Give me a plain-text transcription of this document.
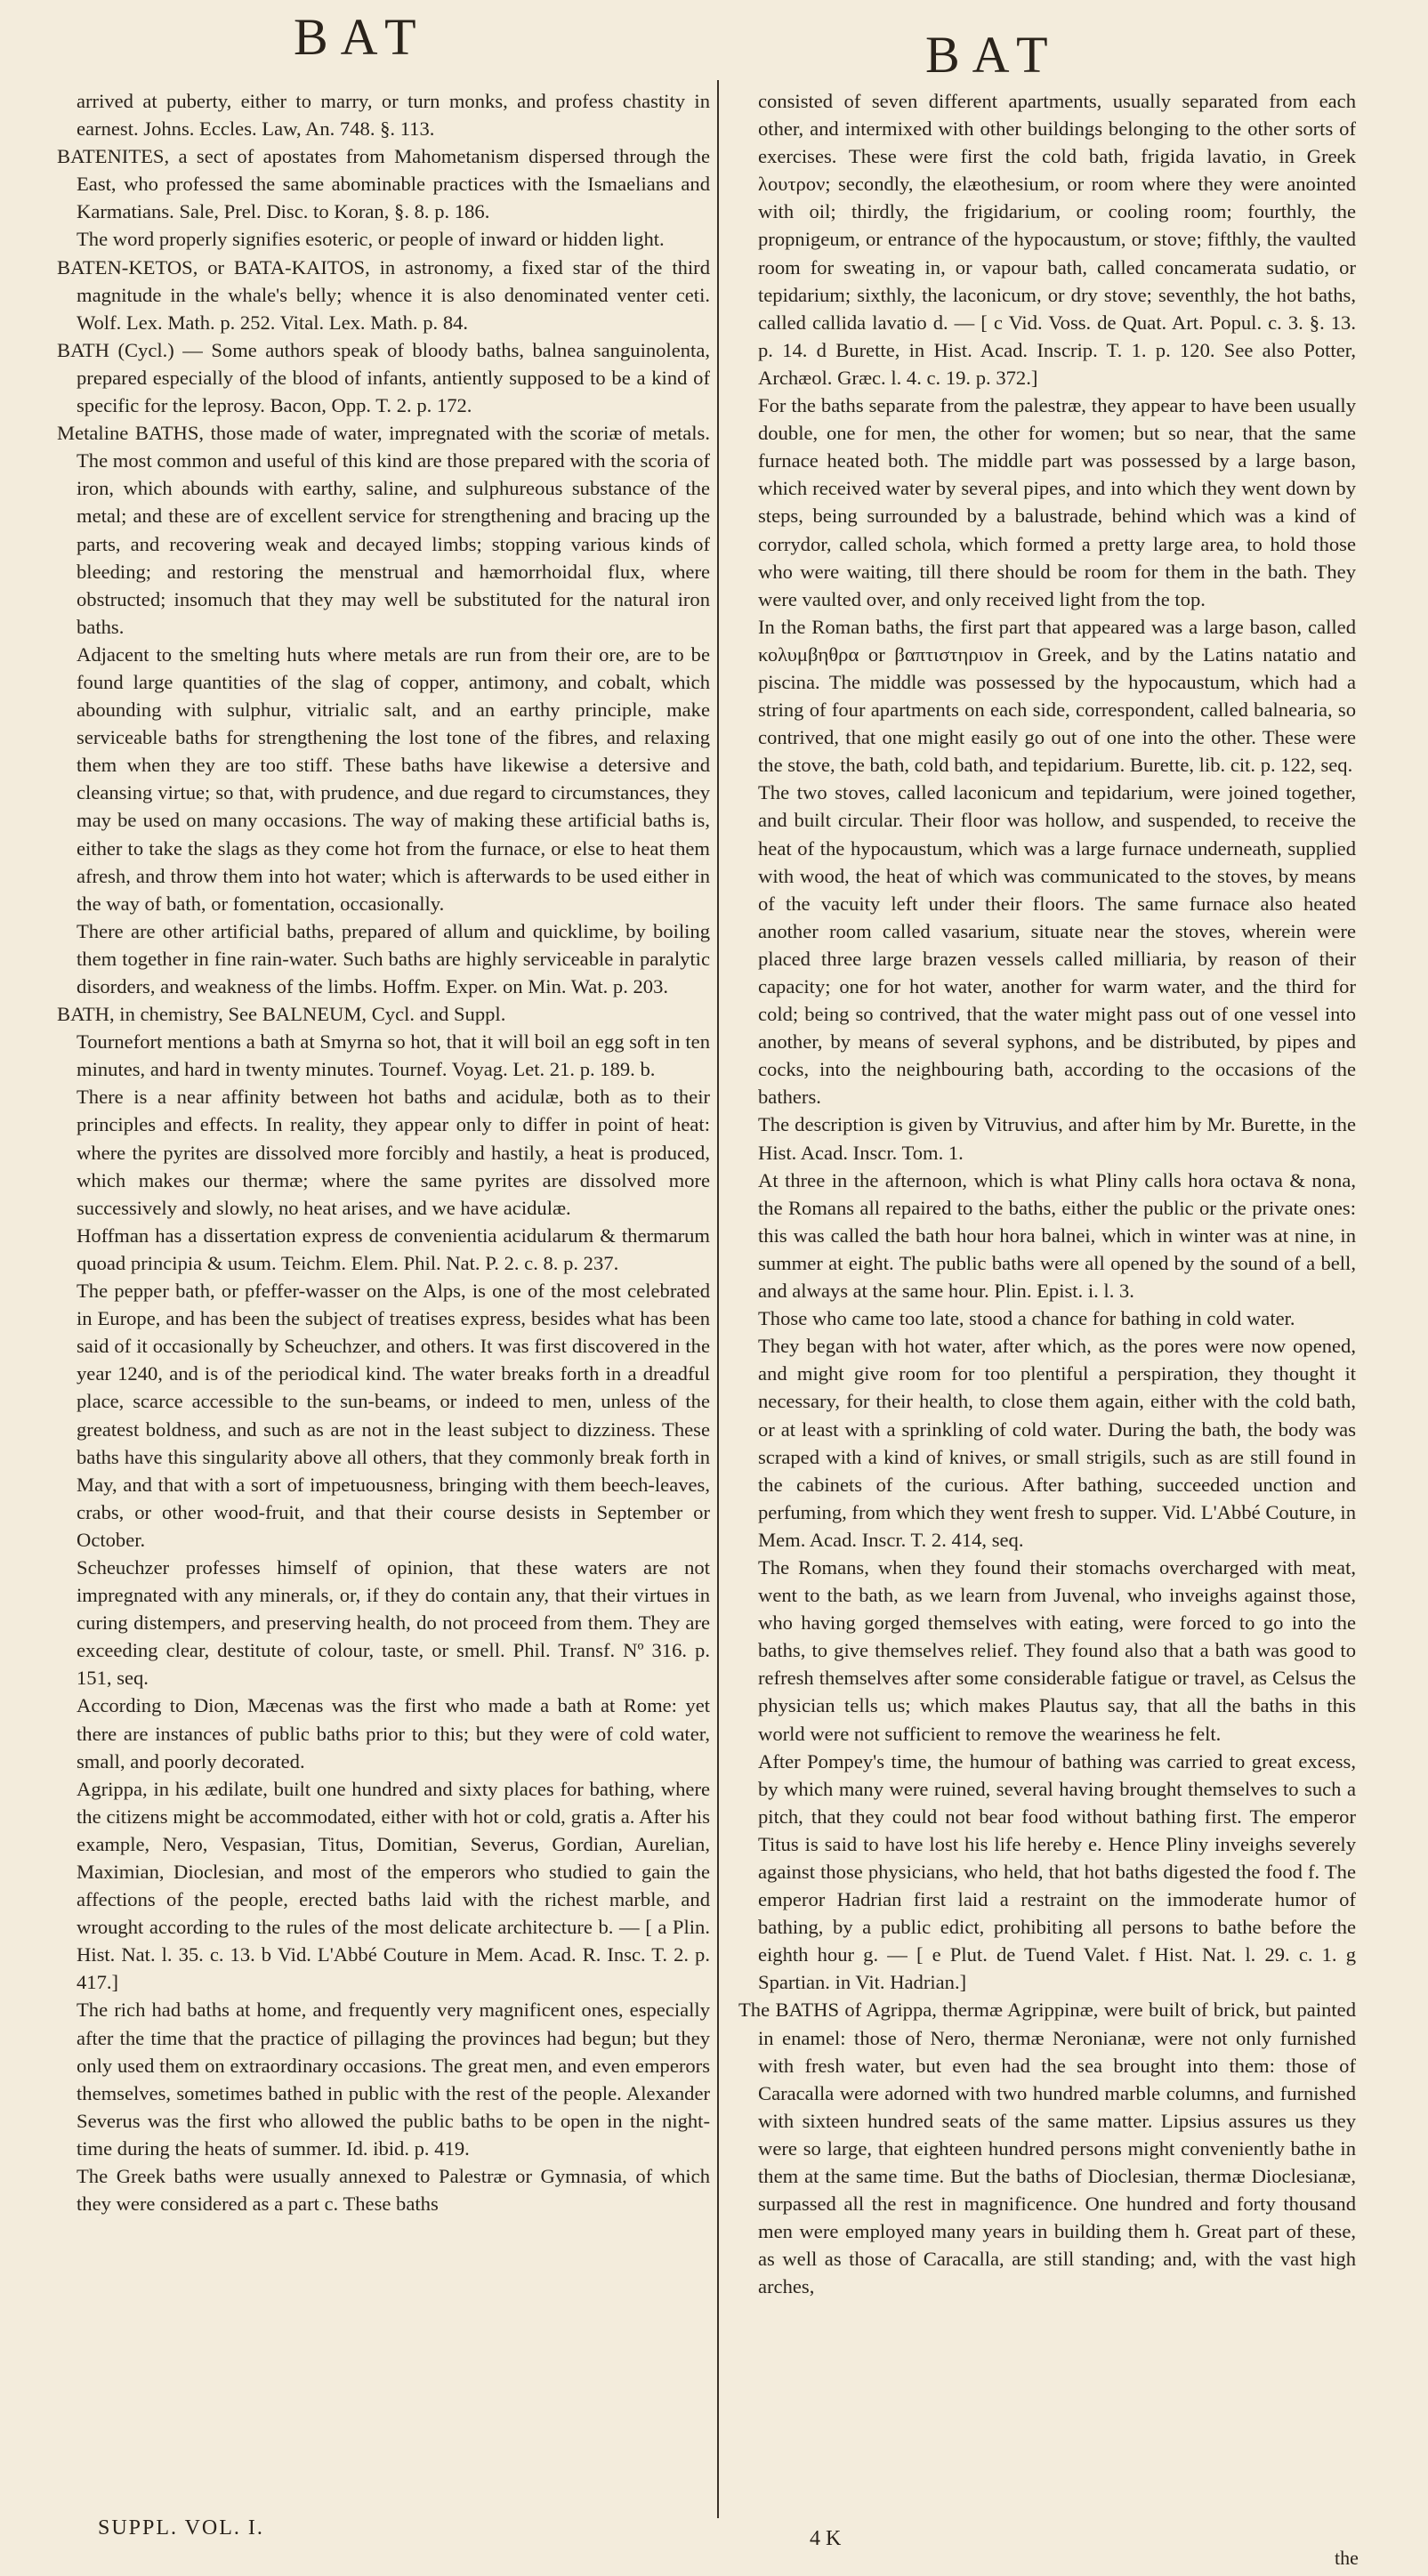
BAT	BAT

arrived at puberty, either to marry, or turn monks, and profess chastity in earnest. Johns. Eccles. Law, An. 748. §. 113.

BATENITES, a sect of apostates from Mahometanism dispersed through the East, who professed the same abominable practices with the Ismaelians and Karmatians. Sale, Prel. Disc. to Koran, §. 8. p. 186.

The word properly signifies esoteric, or people of inward or hidden light.

BATEN-KETOS, or BATA-KAITOS, in astronomy, a fixed star of the third magnitude in the whale's belly; whence it is also denominated venter ceti. Wolf. Lex. Math. p. 252. Vital. Lex. Math. p. 84.

BATH (Cycl.) — Some authors speak of bloody baths, balnea sanguinolenta, prepared especially of the blood of infants, antiently supposed to be a kind of specific for the leprosy. Bacon, Opp. T. 2. p. 172.

Metaline BATHS, those made of water, impregnated with the scoriæ of metals. The most common and useful of this kind are those prepared with the scoria of iron, which abounds with earthy, saline, and sulphureous substance of the metal; and these are of excellent service for strengthening and bracing up the parts, and recovering weak and decayed limbs; stopping various kinds of bleeding; and restoring the menstrual and hæmorrhoidal flux, where obstructed; insomuch that they may well be substituted for the natural iron baths.

Adjacent to the smelting huts where metals are run from their ore, are to be found large quantities of the slag of copper, antimony, and cobalt, which abounding with sulphur, vitrialic salt, and an earthy principle, make serviceable baths for strengthening the lost tone of the fibres, and relaxing them when they are too stiff. These baths have likewise a detersive and cleansing virtue; so that, with prudence, and due regard to circumstances, they may be used on many occasions. The way of making these artificial baths is, either to take the slags as they come hot from the furnace, or else to heat them afresh, and throw them into hot water; which is afterwards to be used either in the way of bath, or fomentation, occasionally.

There are other artificial baths, prepared of allum and quicklime, by boiling them together in fine rain-water. Such baths are highly serviceable in paralytic disorders, and weakness of the limbs. Hoffm. Exper. on Min. Wat. p. 203.

BATH, in chemistry, See BALNEUM, Cycl. and Suppl.

Tournefort mentions a bath at Smyrna so hot, that it will boil an egg soft in ten minutes, and hard in twenty minutes. Tournef. Voyag. Let. 21. p. 189. b.

There is a near affinity between hot baths and acidulæ, both as to their principles and effects. In reality, they appear only to differ in point of heat: where the pyrites are dissolved more forcibly and hastily, a heat is produced, which makes our thermæ; where the same pyrites are dissolved more successively and slowly, no heat arises, and we have acidulæ.

Hoffman has a dissertation express de convenientia acidularum & thermarum quoad principia & usum. Teichm. Elem. Phil. Nat. P. 2. c. 8. p. 237.

The pepper bath, or pfeffer-wasser on the Alps, is one of the most celebrated in Europe, and has been the subject of treatises express, besides what has been said of it occasionally by Scheuchzer, and others. It was first discovered in the year 1240, and is of the periodical kind. The water breaks forth in a dreadful place, scarce accessible to the sun-beams, or indeed to men, unless of the greatest boldness, and such as are not in the least subject to dizziness. These baths have this singularity above all others, that they commonly break forth in May, and that with a sort of impetuousness, bringing with them beech-leaves, crabs, or other wood-fruit, and that their course desists in September or October.

Scheuchzer professes himself of opinion, that these waters are not impregnated with any minerals, or, if they do contain any, that their virtues in curing distempers, and preserving health, do not proceed from them. They are exceeding clear, destitute of colour, taste, or smell. Phil. Transf. Nº 316. p. 151, seq.

According to Dion, Mæcenas was the first who made a bath at Rome: yet there are instances of public baths prior to this; but they were of cold water, small, and poorly decorated.

Agrippa, in his ædilate, built one hundred and sixty places for bathing, where the citizens might be accommodated, either with hot or cold, gratis a. After his example, Nero, Vespasian, Titus, Domitian, Severus, Gordian, Aurelian, Maximian, Dioclesian, and most of the emperors who studied to gain the affections of the people, erected baths laid with the richest marble, and wrought according to the rules of the most delicate architecture b. — [ a Plin. Hist. Nat. l. 35. c. 13. b Vid. L'Abbé Couture in Mem. Acad. R. Insc. T. 2. p. 417.]

The rich had baths at home, and frequently very magnificent ones, especially after the time that the practice of pillaging the provinces had begun; but they only used them on extraordinary occasions. The great men, and even emperors themselves, sometimes bathed in public with the rest of the people. Alexander Severus was the first who allowed the public baths to be open in the night-time during the heats of summer. Id. ibid. p. 419.

The Greek baths were usually annexed to Palestræ or Gymnasia, of which they were considered as a part c. These baths

consisted of seven different apartments, usually separated from each other, and intermixed with other buildings belonging to the other sorts of exercises. These were first the cold bath, frigida lavatio, in Greek λουτρον; secondly, the elæothesium, or room where they were anointed with oil; thirdly, the frigidarium, or cooling room; fourthly, the propnigeum, or entrance of the hypocaustum, or stove; fifthly, the vaulted room for sweating in, or vapour bath, called concamerata sudatio, or tepidarium; sixthly, the laconicum, or dry stove; seventhly, the hot baths, called callida lavatio d. — [ c Vid. Voss. de Quat. Art. Popul. c. 3. §. 13. p. 14. d Burette, in Hist. Acad. Inscrip. T. 1. p. 120. See also Potter, Archæol. Græc. l. 4. c. 19. p. 372.]

For the baths separate from the palestræ, they appear to have been usually double, one for men, the other for women; but so near, that the same furnace heated both. The middle part was possessed by a large bason, which received water by several pipes, and into which they went down by steps, being surrounded by a balustrade, behind which was a kind of corrydor, called schola, which formed a pretty large area, to hold those who were waiting, till there should be room for them in the bath. They were vaulted over, and only received light from the top.

In the Roman baths, the first part that appeared was a large bason, called κολυμβηθρα or βαπτιστηριον in Greek, and by the Latins natatio and piscina. The middle was possessed by the hypocaustum, which had a string of four apartments on each side, correspondent, called balnearia, so contrived, that one might easily go out of one into the other. These were the stove, the bath, cold bath, and tepidarium. Burette, lib. cit. p. 122, seq.

The two stoves, called laconicum and tepidarium, were joined together, and built circular. Their floor was hollow, and suspended, to receive the heat of the hypocaustum, which was a large furnace underneath, supplied with wood, the heat of which was communicated to the stoves, by means of the vacuity left under their floors. The same furnace also heated another room called vasarium, situate near the stoves, wherein were placed three large brazen vessels called milliaria, by reason of their capacity; one for hot water, another for warm water, and the third for cold; being so contrived, that the water might pass out of one vessel into another, by means of several syphons, and be distributed, by pipes and cocks, into the neighbouring bath, according to the occasions of the bathers.

The description is given by Vitruvius, and after him by Mr. Burette, in the Hist. Acad. Inscr. Tom. 1.

At three in the afternoon, which is what Pliny calls hora octava & nona, the Romans all repaired to the baths, either the public or the private ones: this was called the bath hour hora balnei, which in winter was at nine, in summer at eight. The public baths were all opened by the sound of a bell, and always at the same hour. Plin. Epist. i. l. 3.

Those who came too late, stood a chance for bathing in cold water.

They began with hot water, after which, as the pores were now opened, and might give room for too plentiful a perspiration, they thought it necessary, for their health, to close them again, either with the cold bath, or at least with a sprinkling of cold water. During the bath, the body was scraped with a kind of knives, or small strigils, such as are still found in the cabinets of the curious. After bathing, succeeded unction and perfuming, from which they went fresh to supper. Vid. L'Abbé Couture, in Mem. Acad. Inscr. T. 2. 414, seq.

The Romans, when they found their stomachs overcharged with meat, went to the bath, as we learn from Juvenal, who inveighs against those, who having gorged themselves with eating, were forced to go into the baths, to give themselves relief. They found also that a bath was good to refresh themselves after some considerable fatigue or travel, as Celsus the physician tells us; which makes Plautus say, that all the baths in this world were not sufficient to remove the weariness he felt.

After Pompey's time, the humour of bathing was carried to great excess, by which many were ruined, several having brought themselves to such a pitch, that they could not bear food without bathing first. The emperor Titus is said to have lost his life hereby e. Hence Pliny inveighs severely against those physicians, who held, that hot baths digested the food f. The emperor Hadrian first laid a restraint on the immoderate humor of bathing, by a public edict, prohibiting all persons to bathe before the eighth hour g. — [ e Plut. de Tuend Valet. f Hist. Nat. l. 29. c. 1. g Spartian. in Vit. Hadrian.]

The BATHS of Agrippa, thermæ Agrippinæ, were built of brick, but painted in enamel: those of Nero, thermæ Neronianæ, were not only furnished with fresh water, but even had the sea brought into them: those of Caracalla were adorned with two hundred marble columns, and furnished with sixteen hundred seats of the same matter. Lipsius assures us they were so large, that eighteen hundred persons might conveniently bathe in them at the same time. But the baths of Dioclesian, thermæ Dioclesianæ, surpassed all the rest in magnificence. One hundred and forty thousand men were employed many years in building them h. Great part of these, as well as those of Caracalla, are still standing; and, with the vast high arches,

SUPPL. VOL. I.	4 K
the
